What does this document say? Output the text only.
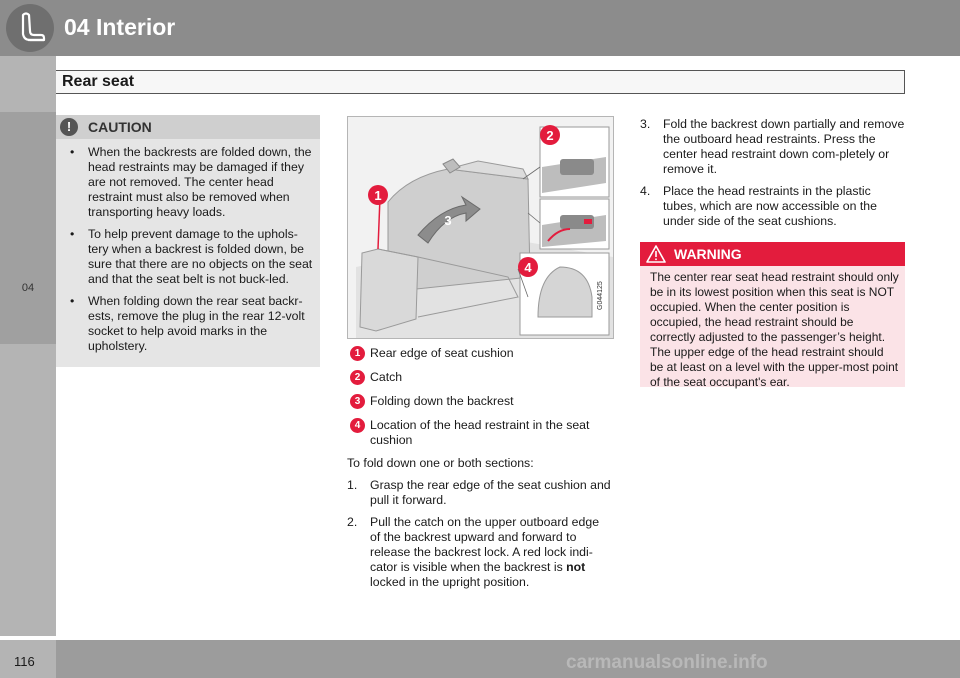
04 Interior
04
Rear seat
!	CAUTION
• When the backrests are folded down, the head restraints may be damaged if they are not removed. The center head restraint must also be removed when transporting heavy loads.
• To help prevent damage to the uphols-tery when a backrest is folded down, be sure that there are no objects on the seat and that the seat belt is not buck-led.
• When folding down the rear seat backr-ests, remove the plug in the rear 12-volt socket to help avoid marks in the upholstery.
2
1
4
3
G044125
1 Rear edge of seat cushion
2 Catch
3 Folding down the backrest
4 Location of the head restraint in the seat cushion
To fold down one or both sections:
1. Grasp the rear edge of the seat cushion and pull it forward.
2. Pull the catch on the upper outboard edge of the backrest upward and forward to release the backrest lock. A red lock indi-cator is visible when the backrest is not locked in the upright position.
3. Fold the backrest down partially and remove the outboard head restraints. Press the center head restraint down com-pletely or remove it.
4. Place the head restraints in the plastic tubes, which are now accessible on the under side of the seat cushions.
WARNING
The center rear seat head restraint should only be in its lowest position when this seat is NOT occupied. When the center position is occupied, the head restraint should be correctly adjusted to the passenger’s height. The upper edge of the head restraint should be at least on a level with the upper-most point of the seat occupant's ear.
116	carmanualsonline.info
